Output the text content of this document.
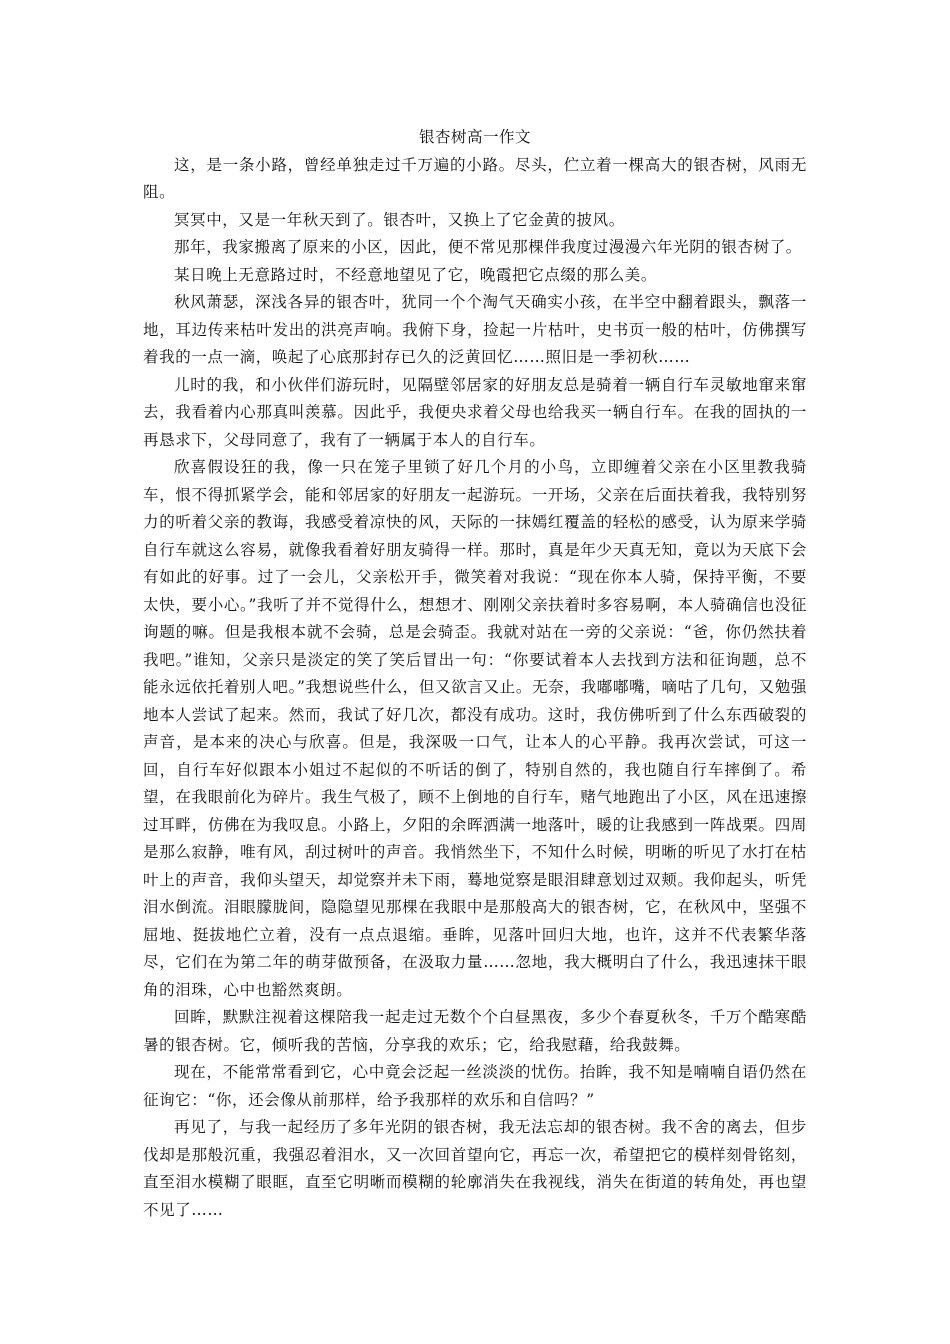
银杏树高一作文

这，是一条小路，曾经单独走过千万遍的小路。尽头，伫立着一棵高大的银杏树，风雨无阻。

冥冥中，又是一年秋天到了。银杏叶，又换上了它金黄的披风。

那年，我家搬离了原来的小区，因此，便不常见那棵伴我度过漫漫六年光阴的银杏树了。

某日晚上无意路过时，不经意地望见了它，晚霞把它点缀的那么美。

秋风萧瑟，深浅各异的银杏叶，犹同一个个淘气天确实小孩，在半空中翻着跟头，飘落一地，耳边传来枯叶发出的洪亮声响。我俯下身，捡起一片枯叶，史书页一般的枯叶，仿佛撰写着我的一点一滴，唤起了心底那封存已久的泛黄回忆……照旧是一季初秋……

儿时的我，和小伙伴们游玩时，见隔壁邻居家的好朋友总是骑着一辆自行车灵敏地窜来窜去，我看着内心那真叫羡慕。因此乎，我便央求着父母也给我买一辆自行车。在我的固执的一再恳求下，父母同意了，我有了一辆属于本人的自行车。

欣喜假设狂的我，像一只在笼子里锁了好几个月的小鸟，立即缠着父亲在小区里教我骑车，恨不得抓紧学会，能和邻居家的好朋友一起游玩。一开场，父亲在后面扶着我，我特别努力的听着父亲的教诲，我感受着凉快的风，天际的一抹嫣红覆盖的轻松的感受，认为原来学骑自行车就这么容易，就像我看着好朋友骑得一样。那时，真是年少天真无知，竟以为天底下会有如此的好事。过了一会儿，父亲松开手，微笑着对我说：“现在你本人骑，保持平衡，不要太快，要小心。”我听了并不觉得什么，想想才、刚刚父亲扶着时多容易啊，本人骑确信也没征询题的嘛。但是我根本就不会骑，总是会骑歪。我就对站在一旁的父亲说：“爸，你仍然扶着我吧。”谁知，父亲只是淡定的笑了笑后冒出一句：“你要试着本人去找到方法和征询题，总不能永远依托着别人吧。”我想说些什么，但又欲言又止。无奈，我嘟嘟嘴，嘀咕了几句，又勉强地本人尝试了起来。然而，我试了好几次，都没有成功。这时，我仿佛听到了什么东西破裂的声音，是本来的决心与欣喜。但是，我深吸一口气，让本人的心平静。我再次尝试，可这一回，自行车好似跟本小姐过不起似的不听话的倒了，特别自然的，我也随自行车摔倒了。希望，在我眼前化为碎片。我生气极了，顾不上倒地的自行车，赌气地跑出了小区，风在迅速擦过耳畔，仿佛在为我叹息。小路上，夕阳的余晖洒满一地落叶，暖的让我感到一阵战栗。四周是那么寂静，唯有风，刮过树叶的声音。我悄然坐下，不知什么时候，明晰的听见了水打在枯叶上的声音，我仰头望天，却觉察并未下雨，蓦地觉察是眼泪肆意划过双颊。我仰起头，听凭泪水倒流。泪眼朦胧间，隐隐望见那棵在我眼中是那般高大的银杏树，它，在秋风中，坚强不屈地、挺拔地伫立着，没有一点点退缩。垂眸，见落叶回归大地，也许，这并不代表繁华落尽，它们在为第二年的萌芽做预备，在汲取力量……忽地，我大概明白了什么，我迅速抹干眼角的泪珠，心中也豁然爽朗。

回眸，默默注视着这棵陪我一起走过无数个个白昼黑夜，多少个春夏秋冬，千万个酷寒酷暑的银杏树。它，倾听我的苦恼，分享我的欢乐；它，给我慰藉，给我鼓舞。

现在，不能常常看到它，心中竟会泛起一丝淡淡的忧伤。抬眸，我不知是喃喃自语仍然在征询它：“你，还会像从前那样，给予我那样的欢乐和自信吗？”

再见了，与我一起经历了多年光阴的银杏树，我无法忘却的银杏树。我不舍的离去，但步伐却是那般沉重，我强忍着泪水，又一次回首望向它，再忘一次，希望把它的模样刻骨铭刻，直至泪水模糊了眼眶，直至它明晰而模糊的轮廓消失在我视线，消失在街道的转角处，再也望不见了……
